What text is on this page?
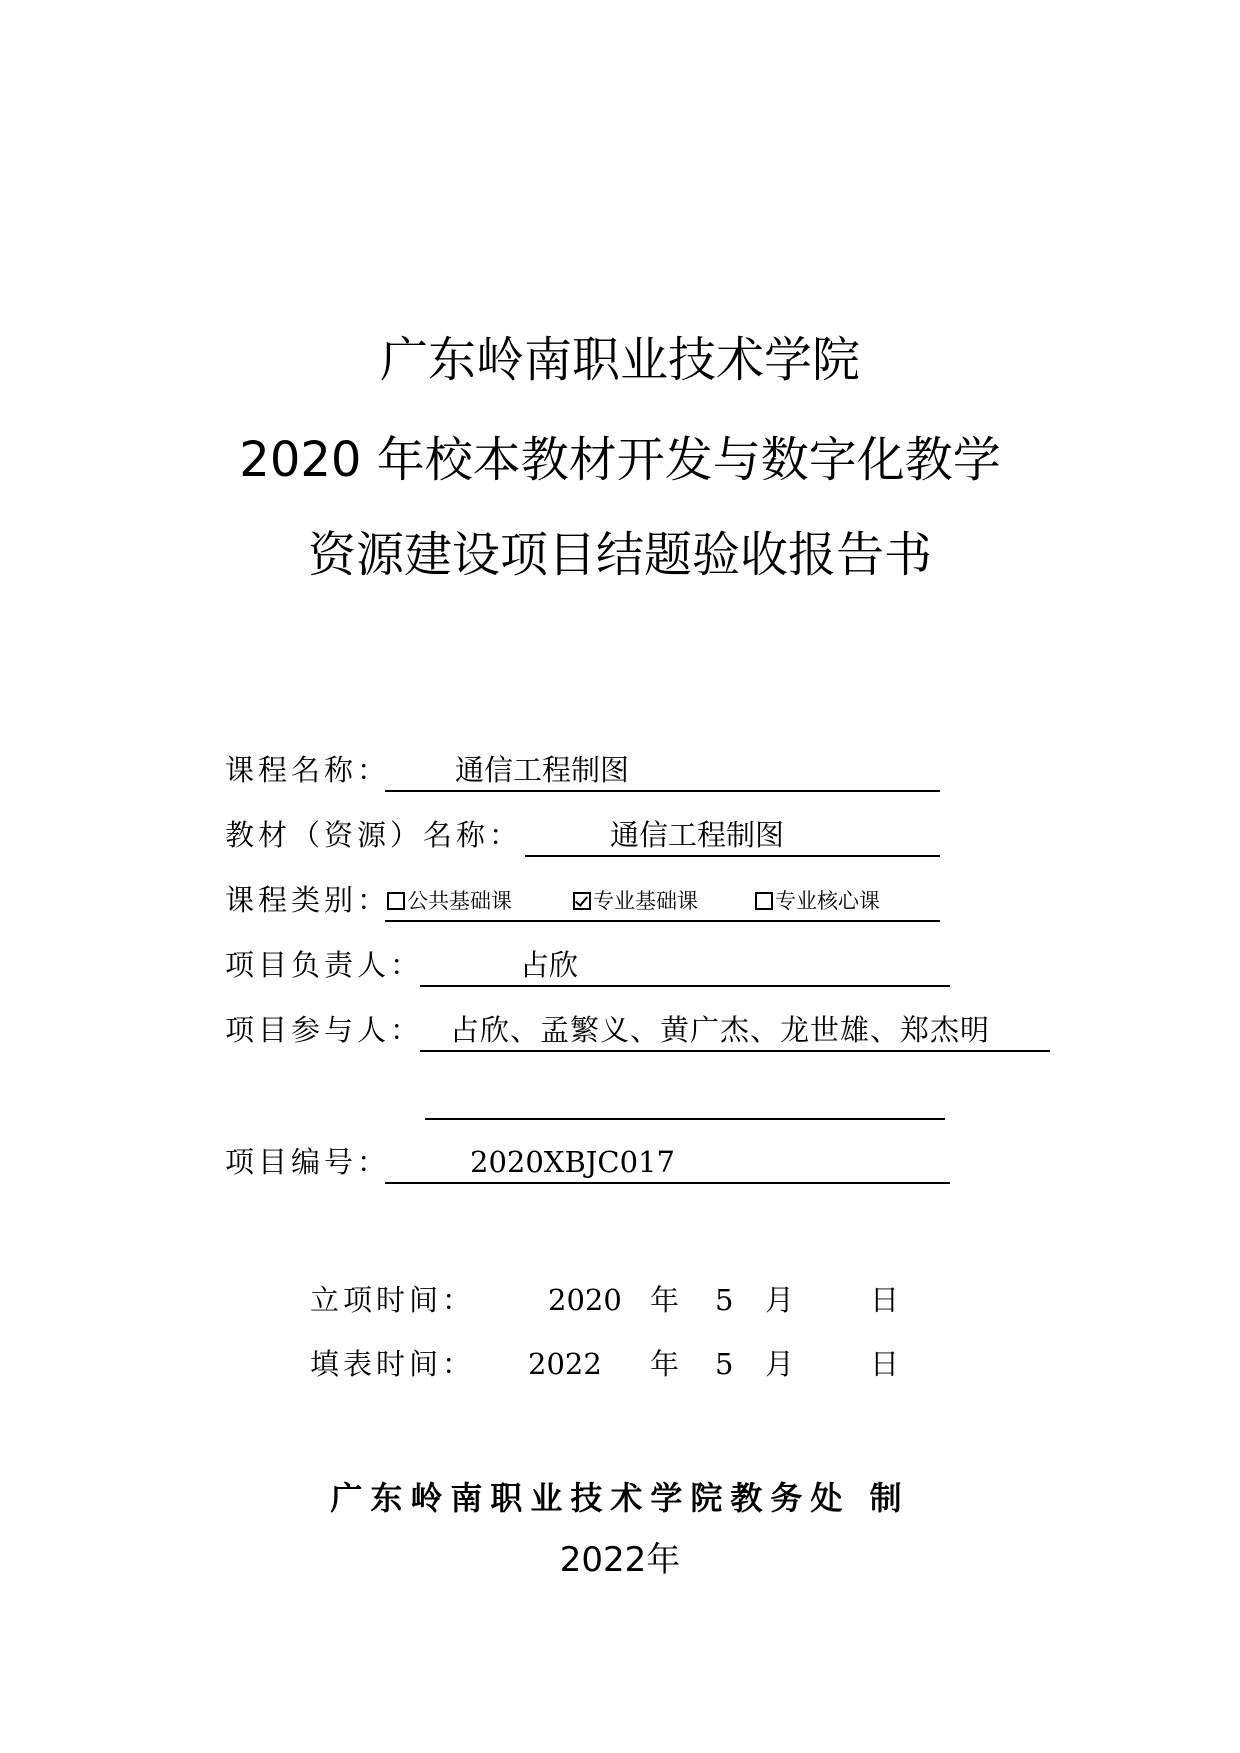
广东岭南职业技术学院
2020 年校本教材开发与数字化教学
资源建设项目结题验收报告书
课程名称： 通信工程制图
教材（资源）名称：	通信工程制图
课程类别： 公共基础课	专业基础课	专业核心课
项目负责人：	占欣
项目参与人： 占欣、孟繁义、黄广杰、龙世雄、郑杰明
项目编号：	2020XBJC017
立项时间：	2020 年 5 月	日
填表时间： 2022 年 5 月	日
广东岭南职业技术学院教务处 制
2022年
